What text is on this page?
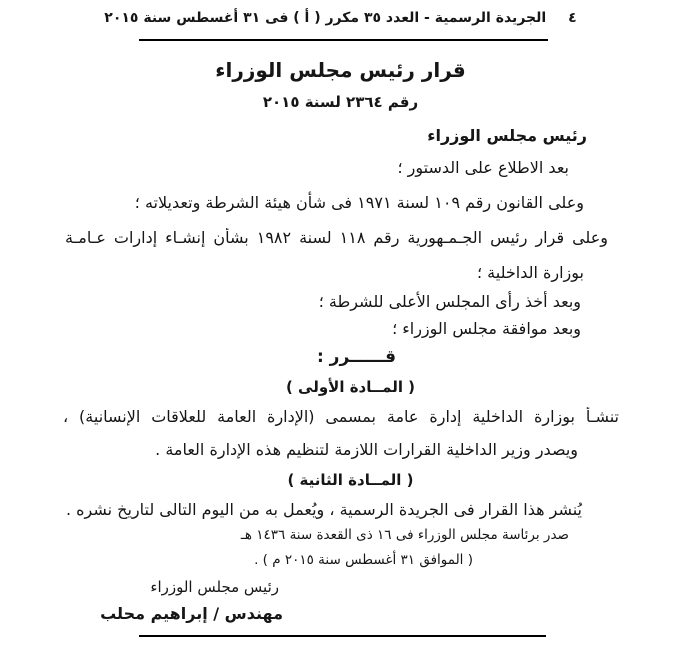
٤الجريدة الرسمية - العدد ٣٥ مكرر ( أ ) فى ٣١ أغسطس سنة ٢٠١٥
قرار رئيس مجلس الوزراء
رقم ٢٣٦٤ لسنة ٢٠١٥
رئيس مجلس الوزراء
بعد الاطلاع على الدستور ؛
وعلى القانون رقم ١٠٩ لسنة ١٩٧١ فى شأن هيئة الشرطة وتعديلاته ؛
وعلى قرار رئيس الجـمـهورية رقم ١١٨ لسنة ١٩٨٢ بشأن إنشـاء إدارات عـامـة
بوزارة الداخلية ؛
وبعد أخذ رأى المجلس الأعلى للشرطة ؛
وبعد موافقة مجلس الوزراء ؛
قــــــرر :
( المــادة الأولى )
تنشـأ بوزارة الداخلية إدارة عامة بمسمى (الإدارة العامة للعلاقات الإنسانية) ،
ويصدر وزير الداخلية القرارات اللازمة لتنظيم هذه الإدارة العامة .
( المــادة الثانية )
يُنشر هذا القرار فى الجريدة الرسمية ، ويُعمل به من اليوم التالى لتاريخ نشره .
صدر برئاسة مجلس الوزراء فى ١٦ ذى القعدة سنة ١٤٣٦ هـ
( الموافق ٣١ أغسطس سنة ٢٠١٥ م ) .
رئيس مجلس الوزراء
مهندس / إبراهيم محلب
